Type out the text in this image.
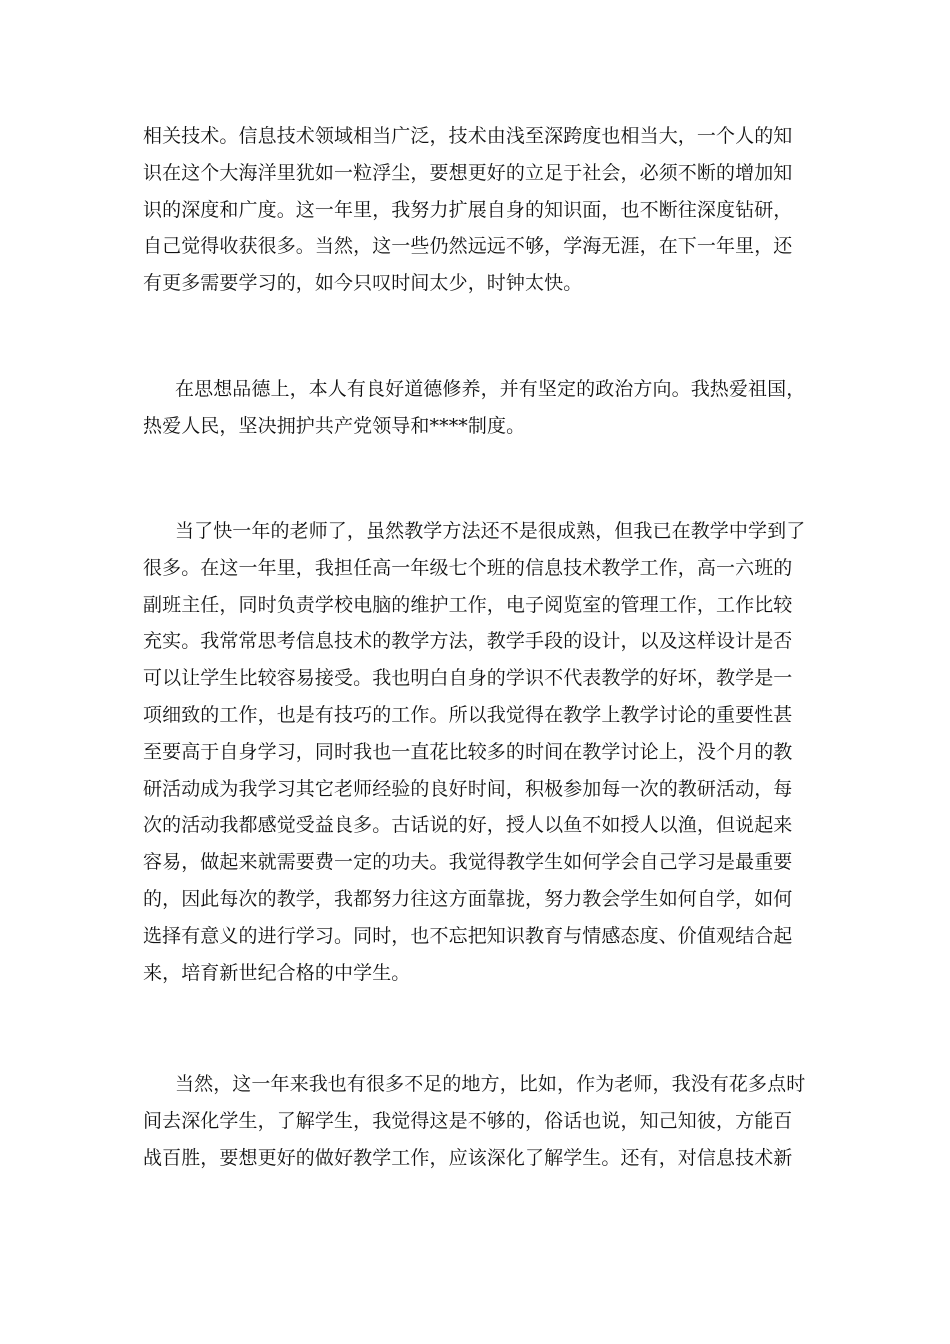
相关技术。信息技术领域相当广泛，技术由浅至深跨度也相当大，一个人的知
识在这个大海洋里犹如一粒浮尘，要想更好的立足于社会，必须不断的增加知
识的深度和广度。这一年里，我努力扩展自身的知识面，也不断往深度钻研，
自己觉得收获很多。当然，这一些仍然远远不够，学海无涯，在下一年里，还
有更多需要学习的，如今只叹时间太少，时钟太快。
在思想品德上，本人有良好道德修养，并有坚定的政治方向。我热爱祖国，
热爱人民，坚决拥护共产党领导和****制度。
当了快一年的老师了，虽然教学方法还不是很成熟，但我已在教学中学到了
很多。在这一年里，我担任高一年级七个班的信息技术教学工作，高一六班的
副班主任，同时负责学校电脑的维护工作，电子阅览室的管理工作，工作比较
充实。我常常思考信息技术的教学方法，教学手段的设计，以及这样设计是否
可以让学生比较容易接受。我也明白自身的学识不代表教学的好坏，教学是一
项细致的工作，也是有技巧的工作。所以我觉得在教学上教学讨论的重要性甚
至要高于自身学习，同时我也一直花比较多的时间在教学讨论上，没个月的教
研活动成为我学习其它老师经验的良好时间，积极参加每一次的教研活动，每
次的活动我都感觉受益良多。古话说的好，授人以鱼不如授人以渔，但说起来
容易，做起来就需要费一定的功夫。我觉得教学生如何学会自己学习是最重要
的，因此每次的教学，我都努力往这方面靠拢，努力教会学生如何自学，如何
选择有意义的进行学习。同时，也不忘把知识教育与情感态度、价值观结合起
来，培育新世纪合格的中学生。
当然，这一年来我也有很多不足的地方，比如，作为老师，我没有花多点时
间去深化学生，了解学生，我觉得这是不够的，俗话也说，知己知彼，方能百
战百胜，要想更好的做好教学工作，应该深化了解学生。还有，对信息技术新
